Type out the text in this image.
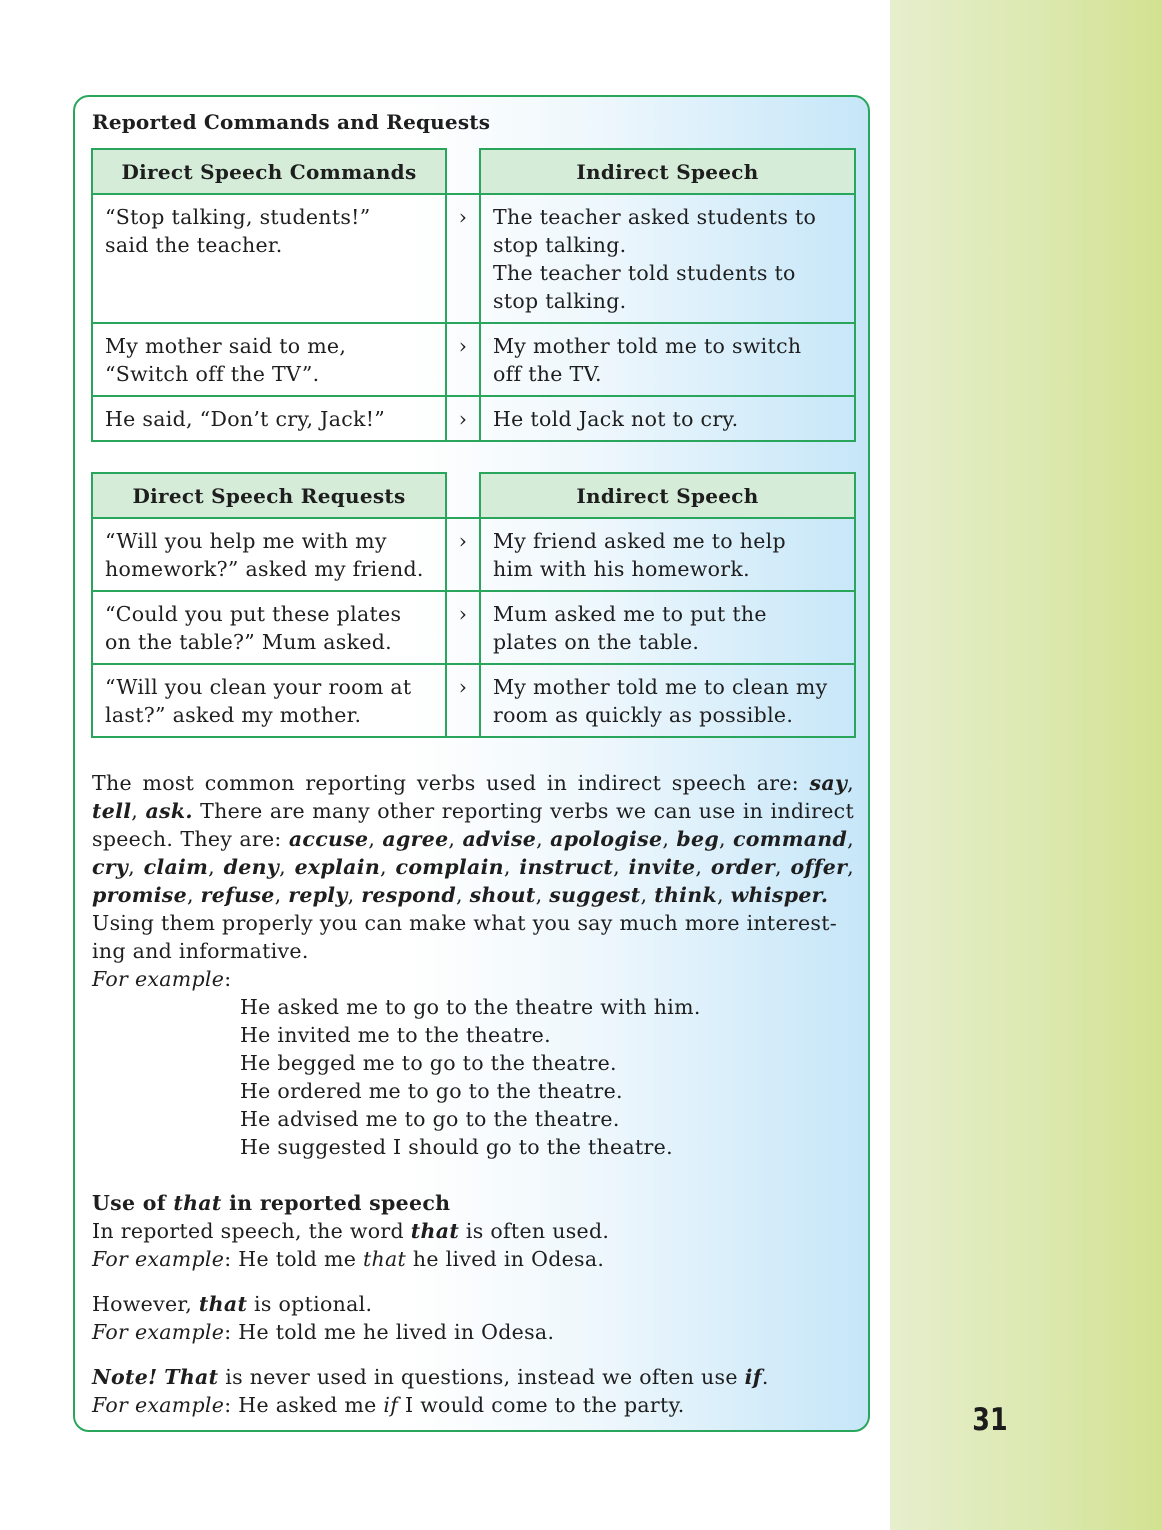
31
Reported Commands and Requests
Direct Speech Commands		Indirect Speech

“Stop talking, students!”
said the teacher.	›	The teacher asked students to
stop talking.
The teacher told students to
stop talking.

My mother said to me,
“Switch off the TV”.	›	My mother told me to switch
off the TV.

He said, “Don’t cry, Jack!”	›	He told Jack not to cry.
Direct Speech Requests		Indirect Speech

“Will you help me with my
homework?” asked my friend.	›	My friend asked me to help
him with his homework.

“Could you put these plates
on the table?” Mum asked.	›	Mum asked me to put the
plates on the table.

“Will you clean your room at
last?” asked my mother.	›	My mother told me to clean my
room as quickly as possible.

The most common reporting verbs used in indirect speech are: say, tell, ask. There are many other reporting verbs we can use in indirect speech. They are: accuse, agree, advise, apologise, beg, command, cry, claim, deny, explain, complain, instruct, invite, order, offer, promise, refuse, reply, respond, shout, suggest, think, whisper.

Using them properly you can make what you say much more interest-ing and informative.

For example:

He asked me to go to the theatre with him.
He invited me to the theatre.
He begged me to go to the theatre.
He ordered me to go to the theatre.
He advised me to go to the theatre.
He suggested I should go to the theatre.

Use of that in reported speech

In reported speech, the word that is often used.

For example: He told me that he lived in Odesa.

However, that is optional.

For example: He told me he lived in Odesa.

Note! That is never used in questions, instead we often use if.

For example: He asked me if I would come to the party.
